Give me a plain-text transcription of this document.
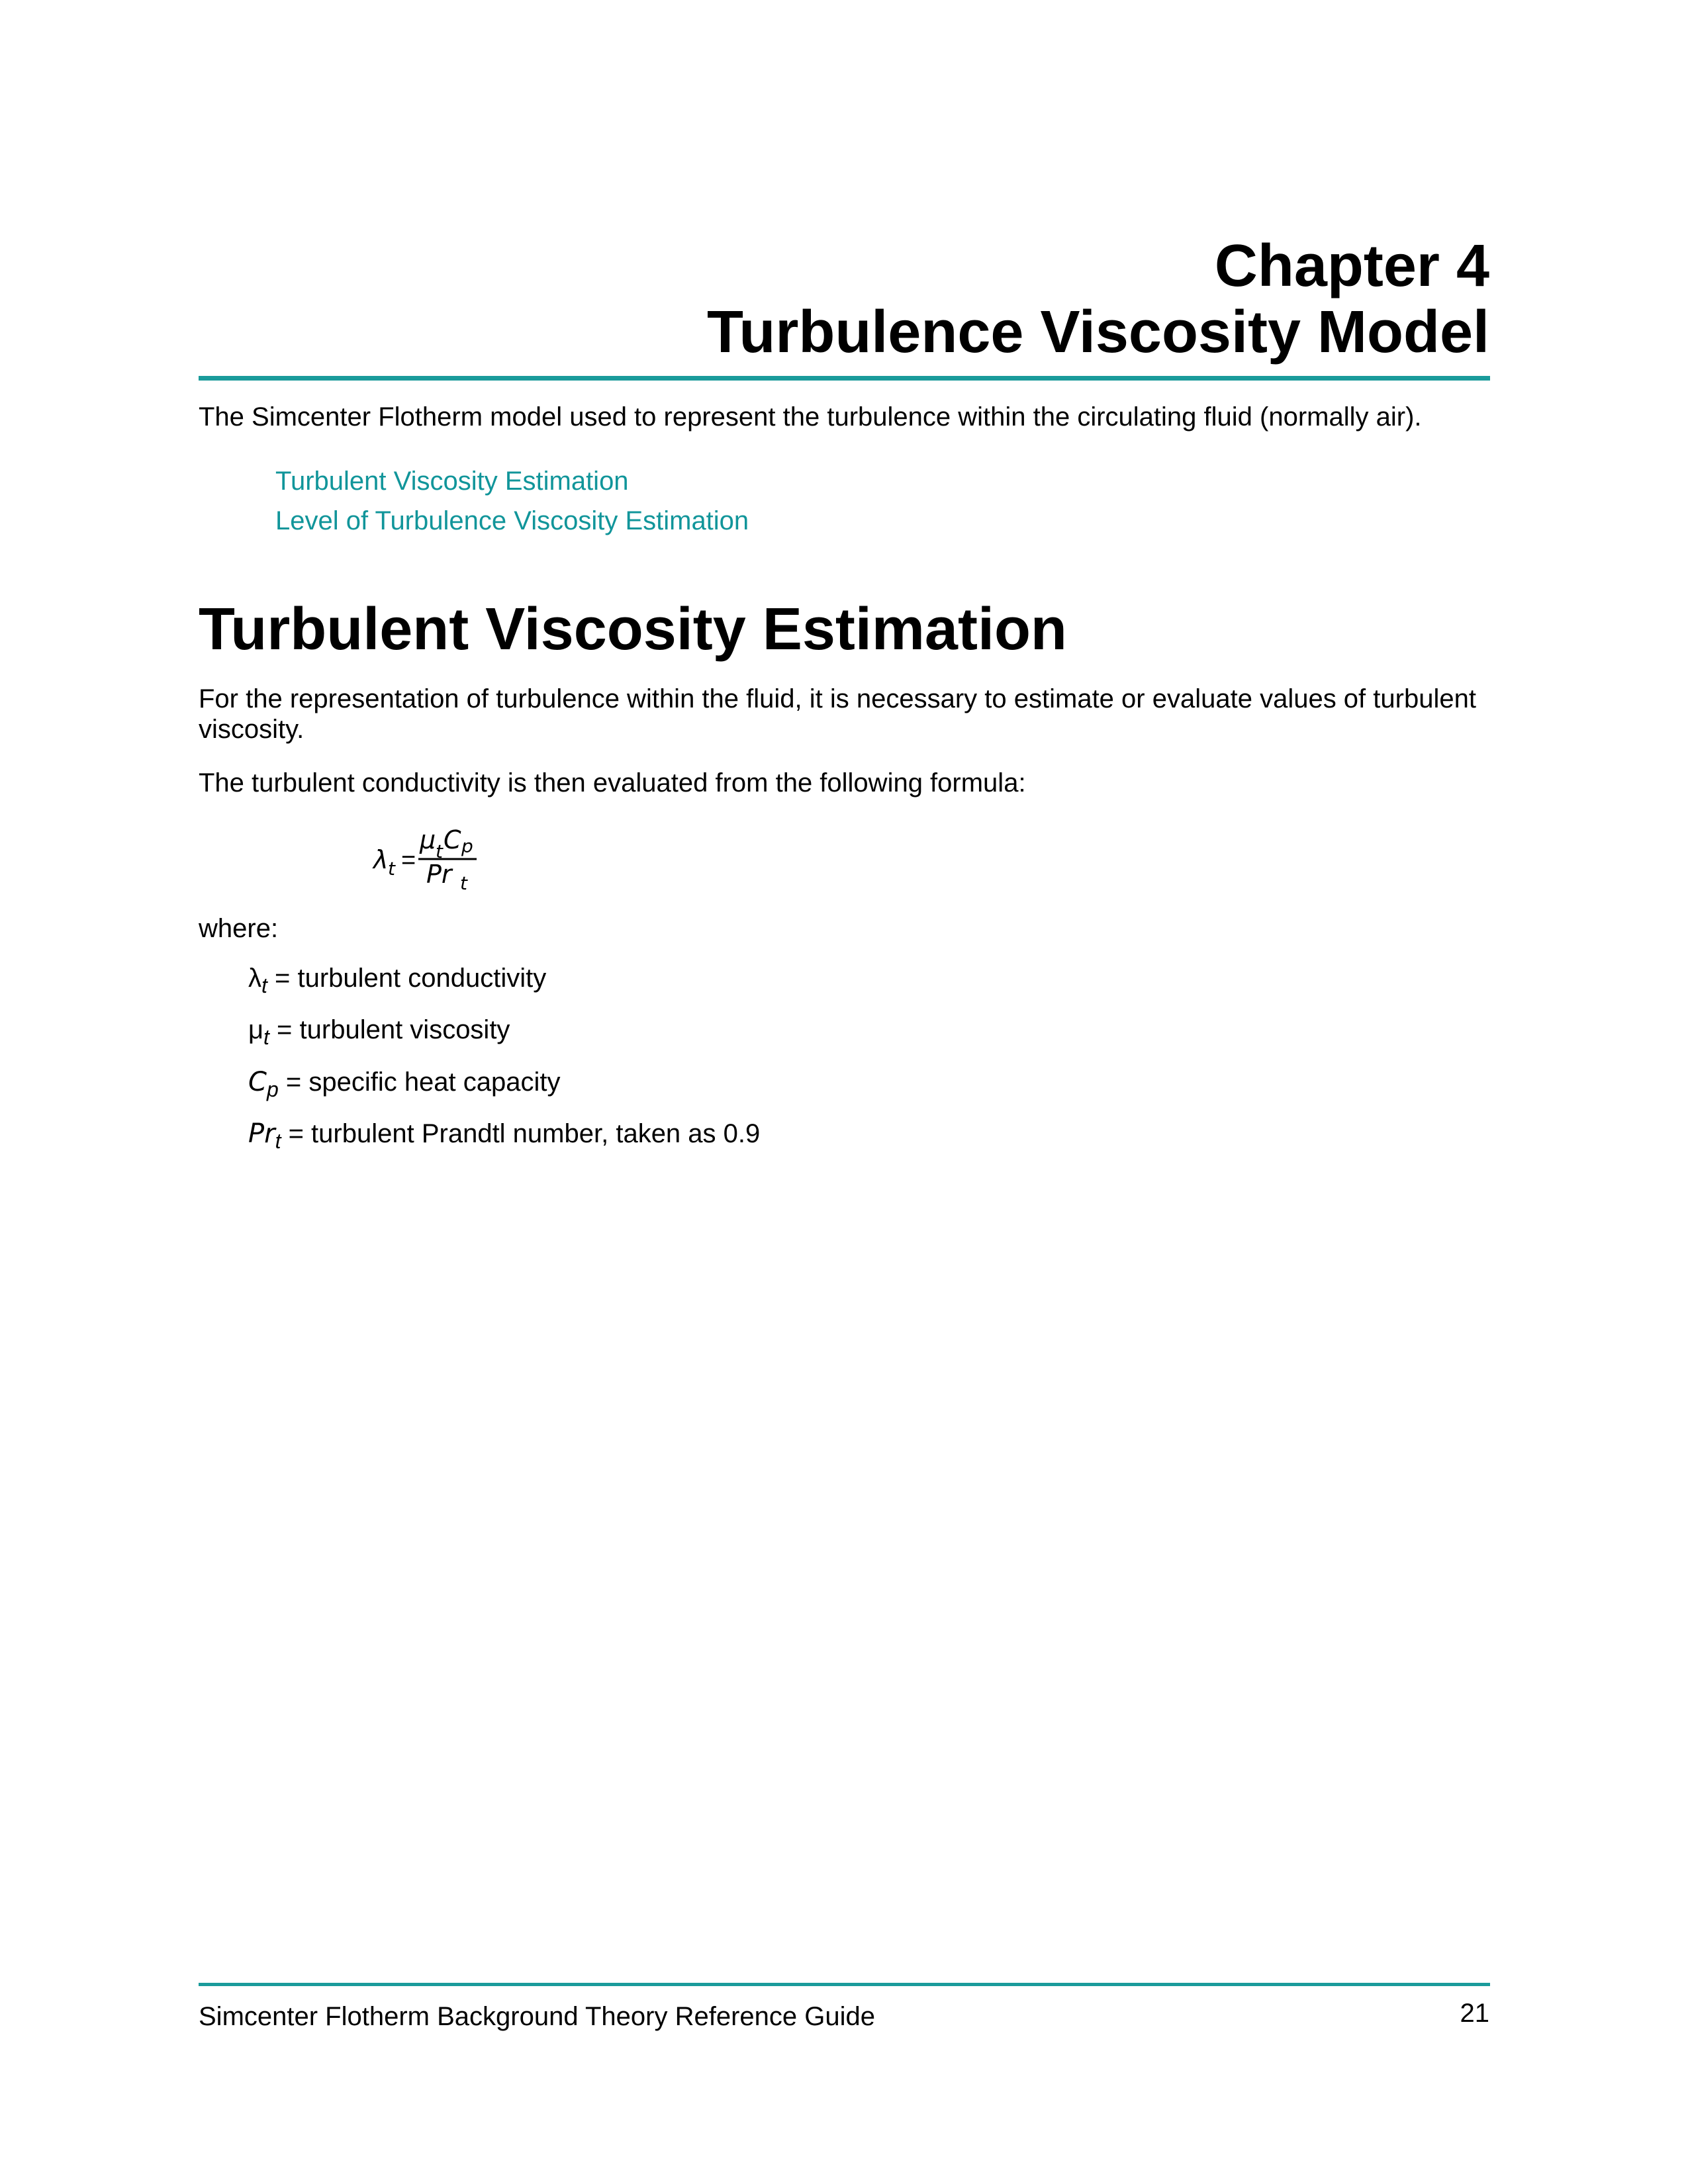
Chapter 4
Turbulence Viscosity Model
The Simcenter Flotherm model used to represent the turbulence within the circulating fluid (normally air).
Turbulent Viscosity Estimation
Level of Turbulence Viscosity Estimation
Turbulent Viscosity Estimation
For the representation of turbulence within the fluid, it is necessary to estimate or evaluate values of turbulent viscosity.
The turbulent conductivity is then evaluated from the following formula:
λ t =
μ t C p
Pr t
where:
$\lambda_t$ = turbulent conductivity
$\mu_t$ = turbulent viscosity
$C_p$ = specific heat capacity
$Pr_t$ = turbulent Prandtl number, taken as 0.9
Simcenter Flotherm Background Theory Reference Guide	21
